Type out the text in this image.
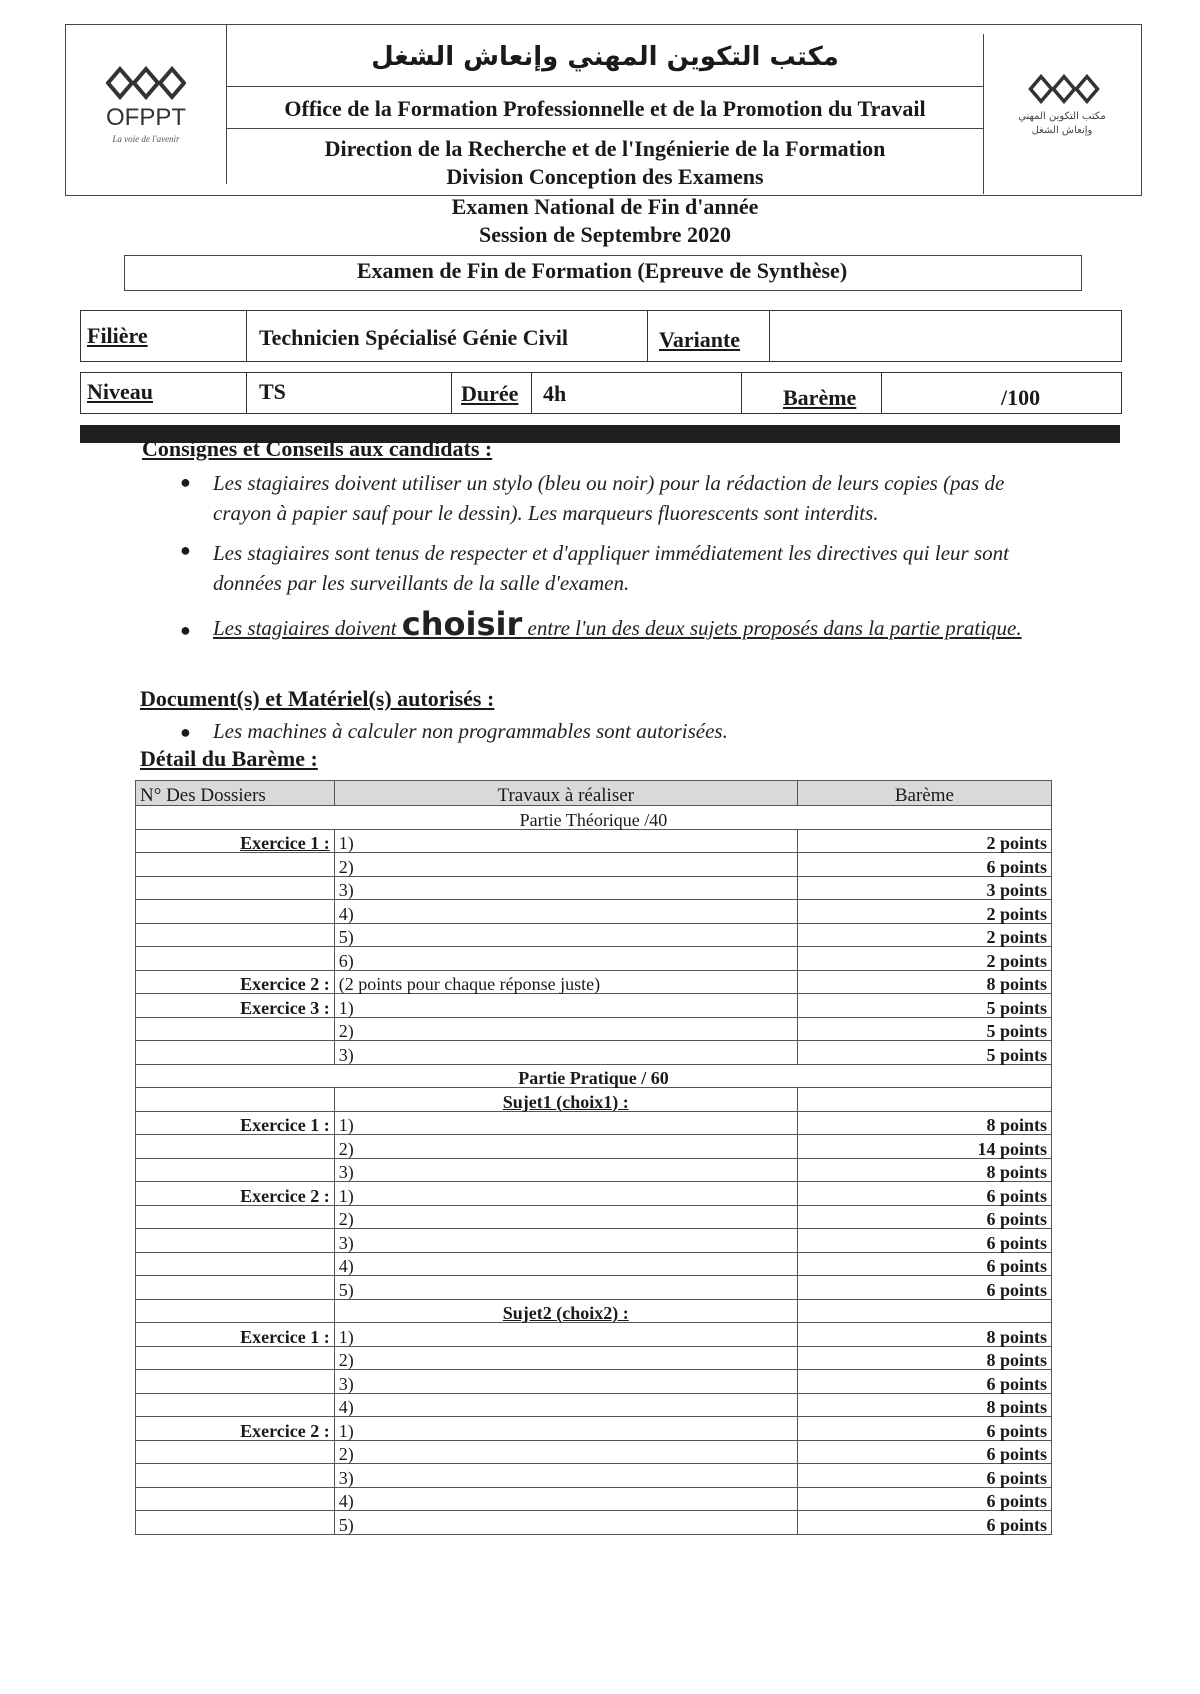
OFPPT
La voie de l'avenir
مكتب التكوين المهني وإنعاش الشغل
مكتب التكوين المهني وإنعاش الشغل
Office de la Formation Professionnelle et de la Promotion du Travail
Direction de la Recherche et de l'Ingénierie de la Formation
Division Conception des Examens
Examen National de Fin d'année
Session de Septembre 2020
Examen de Fin de Formation (Epreuve de Synthèse)
Filière	Technicien Spécialisé Génie Civil	Variante
Niveau	TS	Durée 4h	Barème	/100
Consignes et Conseils aux candidats :
● Les stagiaires doivent utiliser un stylo (bleu ou noir) pour la rédaction de leurs copies (pas de crayon à papier sauf pour le dessin). Les marqueurs fluorescents sont interdits.
● Les stagiaires sont tenus de respecter et d'appliquer immédiatement les directives qui leur sont données par les surveillants de la salle d'examen.
● Les stagiaires doivent choisir entre l'un des deux sujets proposés dans la partie pratique.
Document(s) et Matériel(s) autorisés :
● Les machines à calculer non programmables sont autorisées.
Détail du Barème :
N° Des Dossiers	Travaux à réaliser	Barème
Partie Théorique /40		
Exercice 1 :	1)	2 points
	2)	6 points
	3)	3 points
	4)	2 points
	5)	2 points
	6)	2 points
Exercice 2 :	(2 points pour chaque réponse juste)	8 points
Exercice 3 :	1)	5 points
	2)	5 points
	3)	5 points
Partie Pratique / 60		
	Sujet1 (choix1) :	
Exercice 1 :	1)	8 points
	2)	14 points
	3)	8 points
Exercice 2 :	1)	6 points
	2)	6 points
	3)	6 points
	4)	6 points
	5)	6 points
	Sujet2 (choix2) :	
Exercice 1 :	1)	8 points
	2)	8 points
	3)	6 points
	4)	8 points
Exercice 2 :	1)	6 points
	2)	6 points
	3)	6 points
	4)	6 points
	5)	6 points
